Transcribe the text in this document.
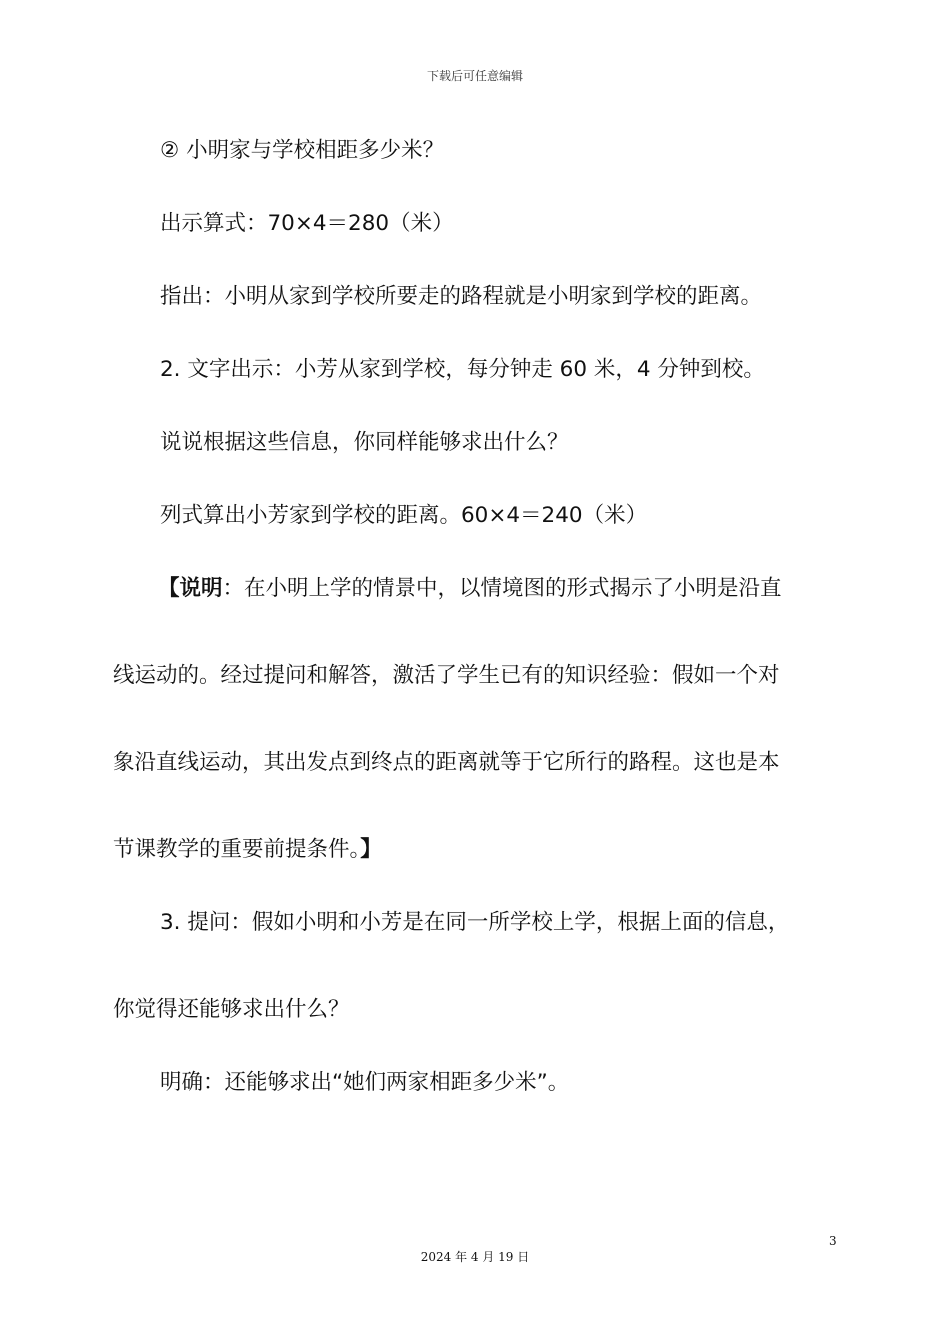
下载后可任意编辑
② 小明家与学校相距多少米？
出示算式：70×4＝280（米）
指出：小明从家到学校所要走的路程就是小明家到学校的距离。
2. 文字出示：小芳从家到学校，每分钟走 60 米，4 分钟到校。
说说根据这些信息，你同样能够求出什么？
列式算出小芳家到学校的距离。60×4＝240（米）
【说明：在小明上学的情景中，以情境图的形式揭示了小明是沿直
线运动的。经过提问和解答，激活了学生已有的知识经验：假如一个对
象沿直线运动，其出发点到终点的距离就等于它所行的路程。这也是本
节课教学的重要前提条件。】
3. 提问：假如小明和小芳是在同一所学校上学，根据上面的信息，
你觉得还能够求出什么？
明确：还能够求出“她们两家相距多少米”。
3
2024 年 4 月 19 日
